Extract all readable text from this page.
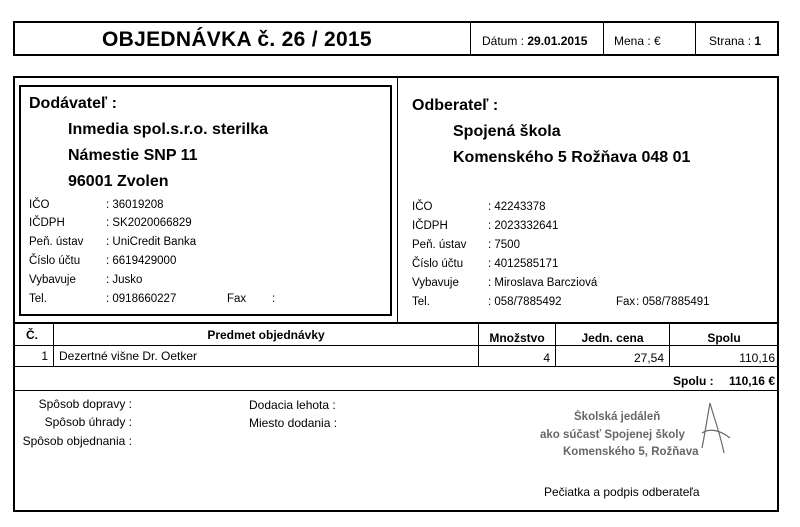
OBJEDNÁVKA č. 26 / 2015	Dátum : 29.01.2015 Mena : €	Strana : 1
Dodávateľ :
Inmedia spol.s.r.o. sterilka
Námestie SNP 11
96001 Zvolen
IČO	: 36019208
IČDPH	: SK2020066829
Peň. ústav : UniCredit Banka
Číslo účtu : 6619429000
Vybavuje	: Jusko
Tel.	: 0918660227	Fax :
Odberateľ :
Spojená škola
Komenského 5 Rožňava 048 01
IČO	: 42243378
IČDPH	: 2023332641
Peň. ústav : 7500
Číslo účtu : 4012585171
Vybavuje	: Miroslava Barcziová
Tel.	: 058/7885492	Fax : 058/7885491
Č.	Predmet objednávky	Množstvo	Jedn. cena	Spolu
1 Dezertné višne Dr. Oetker	4	27,54	110,16
Spolu :	110,16 €
Spôsob dopravy :
Spôsob úhrady :
Spôsob objednania :
Dodacia lehota :
Miesto dodania :	Školská jedáleň
ako súčasť Spojenej školy
Komenského 5, Rožňava
Pečiatka a podpis odberateľa
